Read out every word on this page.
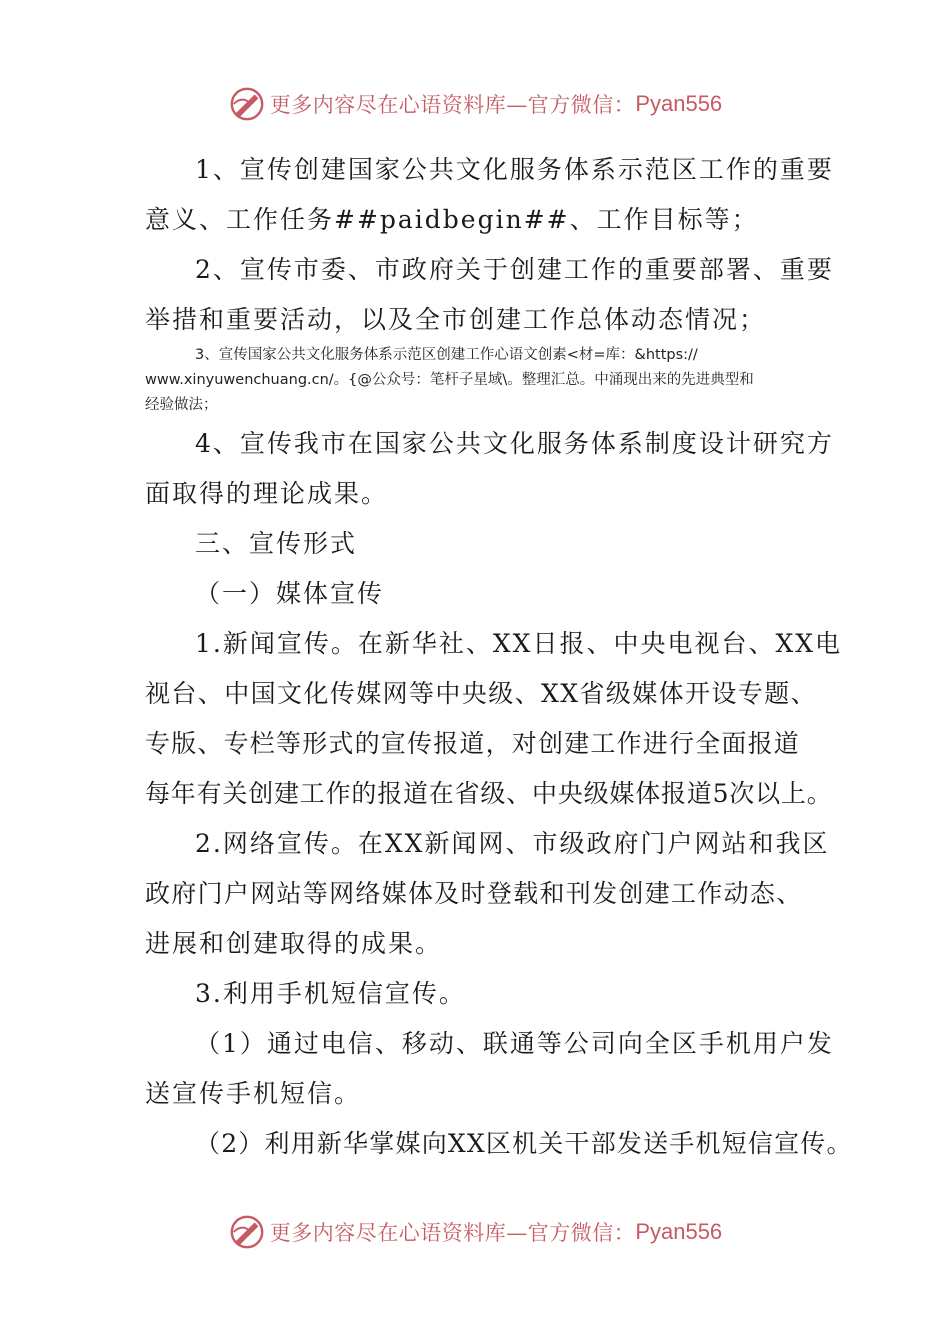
更多内容尽在心语资料库—官方微信： Pyan556
1、宣传创建国家公共文化服务体系示范区工作的重要
意义、工作任务##paidbegin##、工作目标等；
2、宣传市委、市政府关于创建工作的重要部署、重要
举措和重要活动，以及全市创建工作总体动态情况；

3、宣传国家公共文化服务体系示范区创建工作心语文创素<材=库：&https://

www.xinyuwenchuang.cn/。{@公众号：笔杆子星域\。整理汇总。中涌现出来的先进典型和

经验做法；

4、宣传我市在国家公共文化服务体系制度设计研究方
面取得的理论成果。
三、宣传形式
（一）媒体宣传
1.新闻宣传。在新华社、XX日报、中央电视台、XX电
视台、中国文化传媒网等中央级、XX省级媒体开设专题、
专版、专栏等形式的宣传报道，对创建工作进行全面报道
每年有关创建工作的报道在省级、中央级媒体报道5次以上。
2.网络宣传。在XX新闻网、市级政府门户网站和我区
政府门户网站等网络媒体及时登载和刊发创建工作动态、
进展和创建取得的成果。
3.利用手机短信宣传。
（1）通过电信、移动、联通等公司向全区手机用户发
送宣传手机短信。
（2）利用新华掌媒向XX区机关干部发送手机短信宣传。
更多内容尽在心语资料库—官方微信： Pyan556
